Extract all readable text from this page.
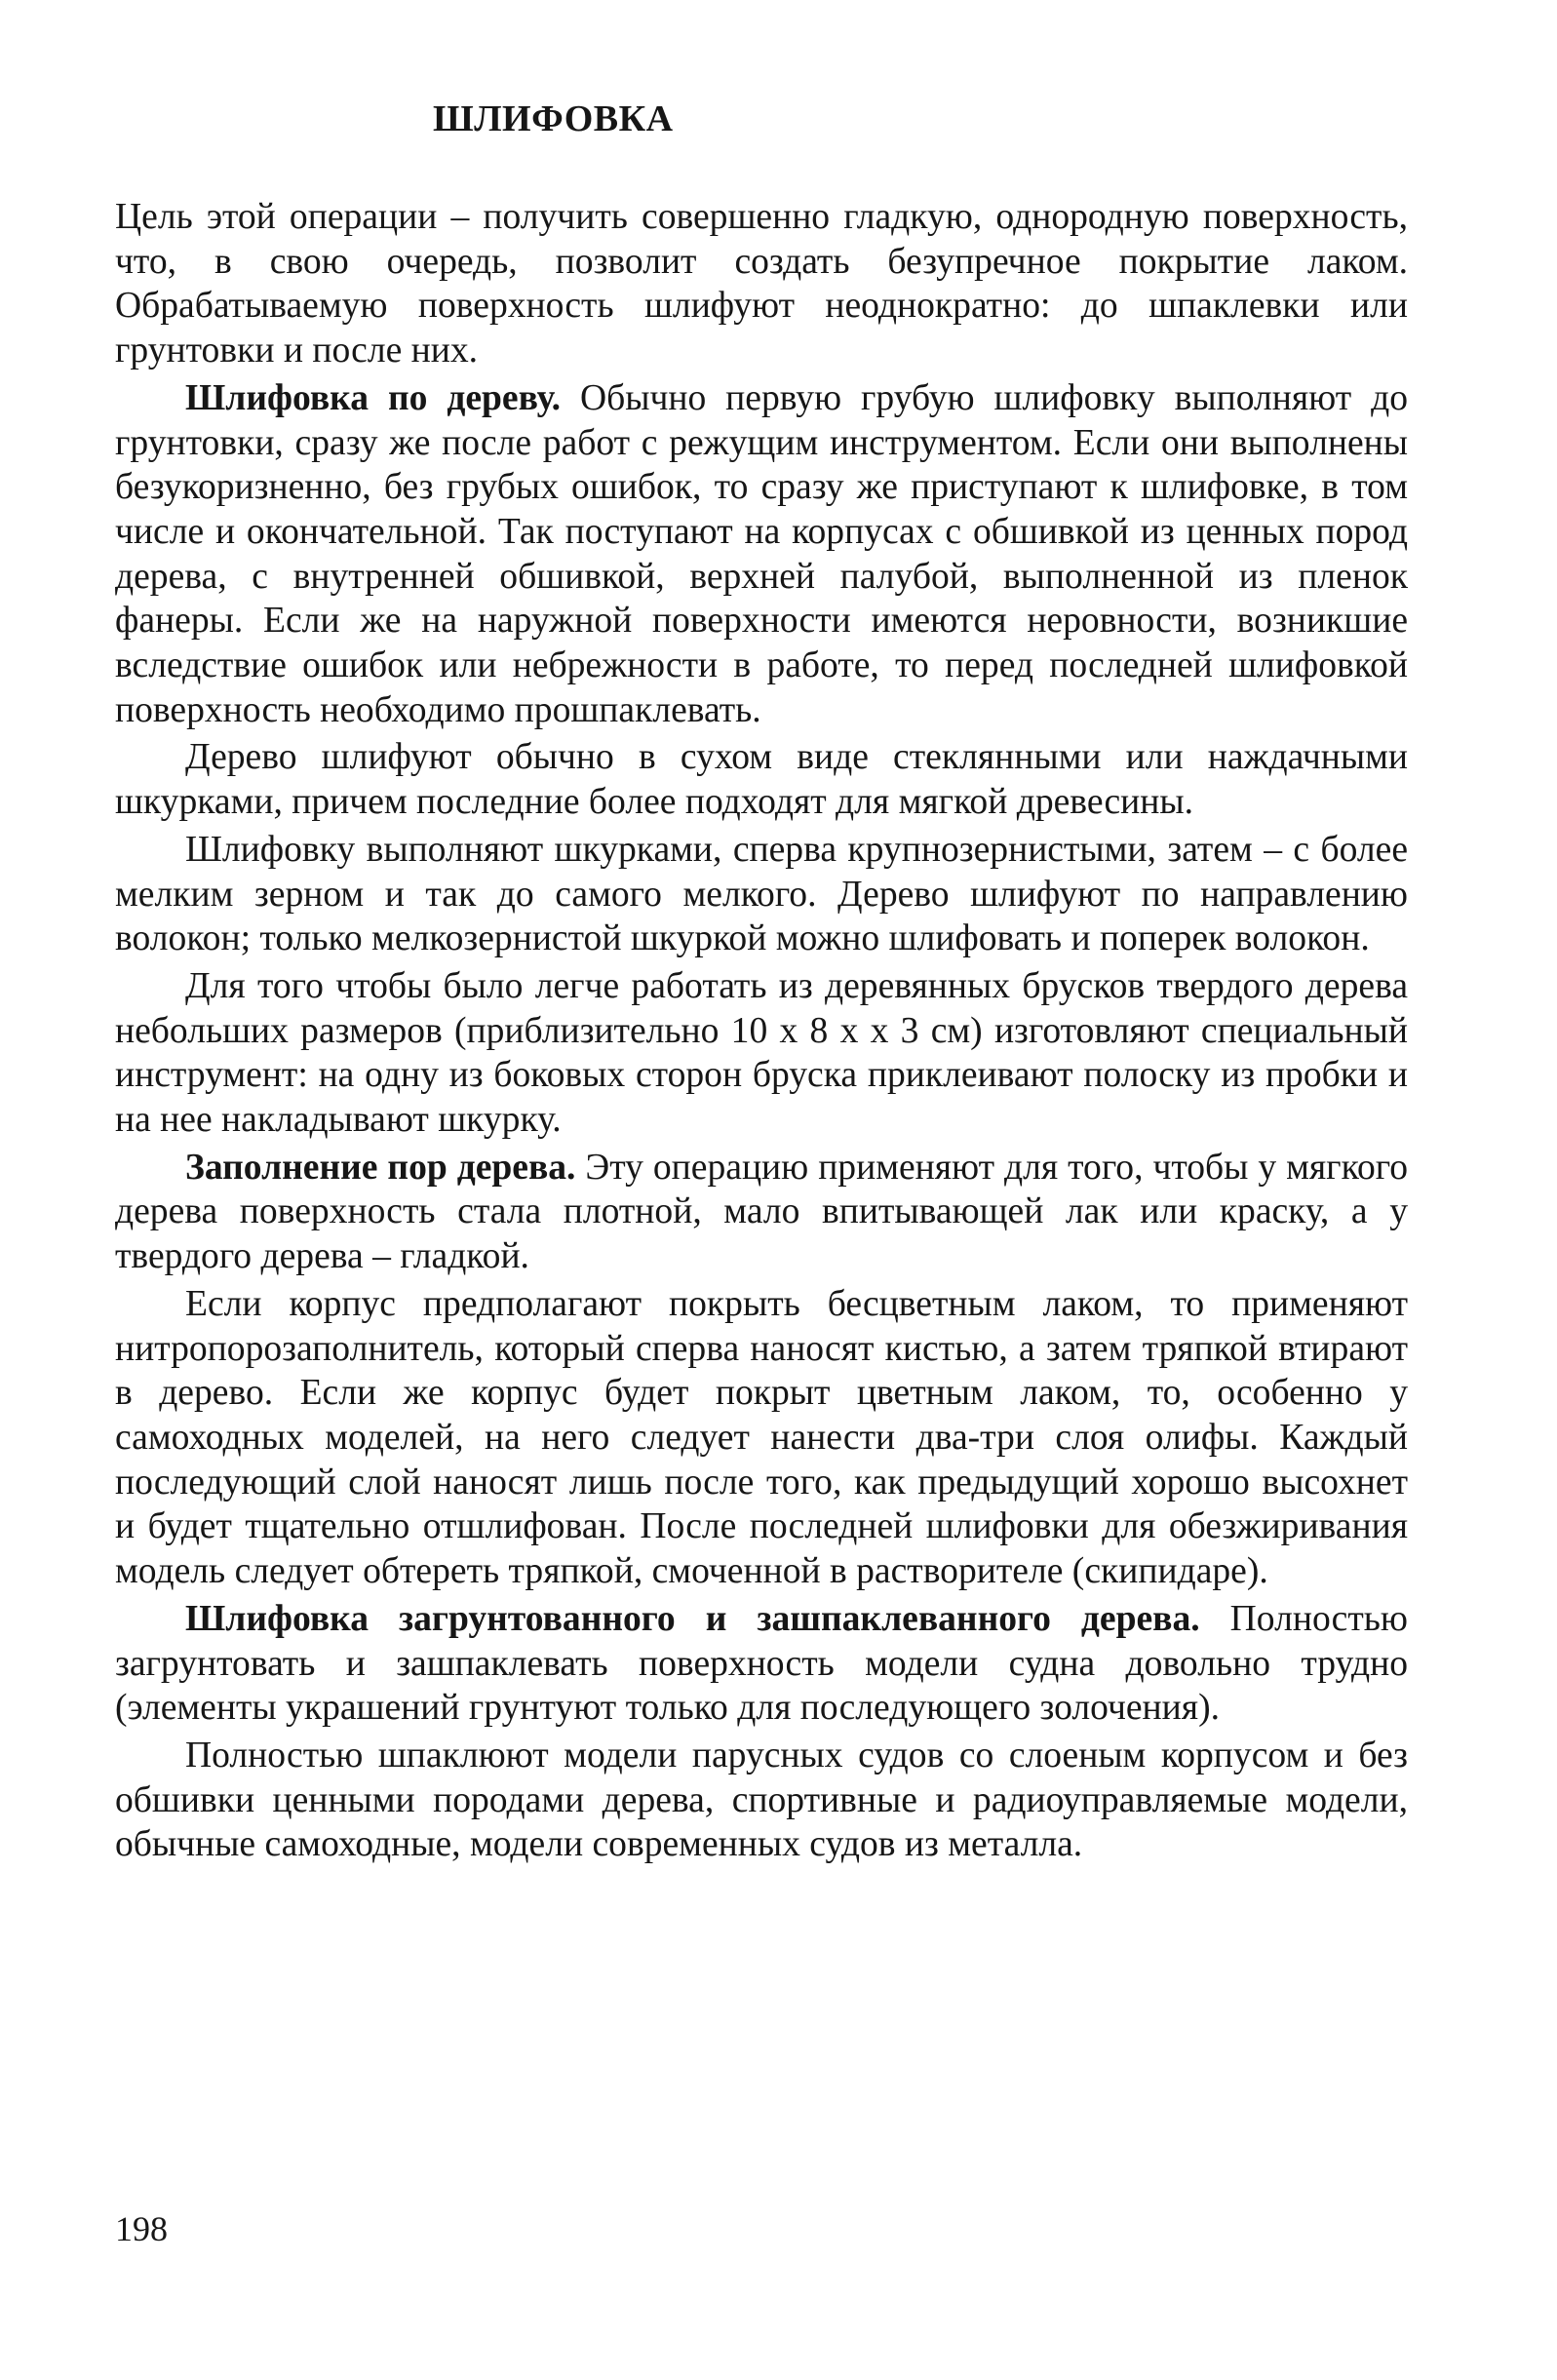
ШЛИФОВКА

Цель этой операции – получить совершенно гладкую, однородную поверхность, что, в свою очередь, позволит создать безупречное покрытие лаком. Обрабатываемую поверхность шлифуют неоднократно: до шпаклевки или грунтовки и после них.

Шлифовка по дереву. Обычно первую грубую шлифовку выполняют до грунтовки, сразу же после работ с режущим инструментом. Если они выполнены безукоризненно, без грубых ошибок, то сразу же приступают к шлифовке, в том числе и окончательной. Так поступают на корпусах с обшивкой из ценных пород дерева, с внутренней обшивкой, верхней палубой, выполненной из пленок фанеры. Если же на наружной поверхности имеются неровности, возникшие вследствие ошибок или небрежности в работе, то перед последней шлифовкой поверхность необходимо прошпаклевать.

Дерево шлифуют обычно в сухом виде стеклянными или наждачными шкурками, причем последние более подходят для мягкой древесины.

Шлифовку выполняют шкурками, сперва крупнозернистыми, затем – с более мелким зерном и так до самого мелкого. Дерево шлифуют по направлению волокон; только мелкозернистой шкуркой можно шлифовать и поперек волокон.

Для того чтобы было легче работать из деревянных брусков твердого дерева небольших размеров (приблизительно 10 x 8 x x 3 см) изготовляют специальный инструмент: на одну из боковых сторон бруска приклеивают полоску из пробки и на нее накладывают шкурку.

Заполнение пор дерева. Эту операцию применяют для того, чтобы у мягкого дерева поверхность стала плотной, мало впитывающей лак или краску, а у твердого дерева – гладкой.

Если корпус предполагают покрыть бесцветным лаком, то применяют нитропорозаполнитель, который сперва наносят кистью, а затем тряпкой втирают в дерево. Если же корпус будет покрыт цветным лаком, то, особенно у самоходных моделей, на него следует нанести два-три слоя олифы. Каждый последующий слой наносят лишь после того, как предыдущий хорошо высохнет и будет тщательно отшлифован. После последней шлифовки для обезжиривания модель следует обтереть тряпкой, смоченной в растворителе (скипидаре).

Шлифовка загрунтованного и зашпаклеванного дерева. Полностью загрунтовать и зашпаклевать поверхность модели судна довольно трудно (элементы украшений грунтуют только для последующего золочения).

Полностью шпаклюют модели парусных судов со слоеным корпусом и без обшивки ценными породами дерева, спортивные и радиоуправляемые модели, обычные самоходные, модели современных судов из металла.

198
